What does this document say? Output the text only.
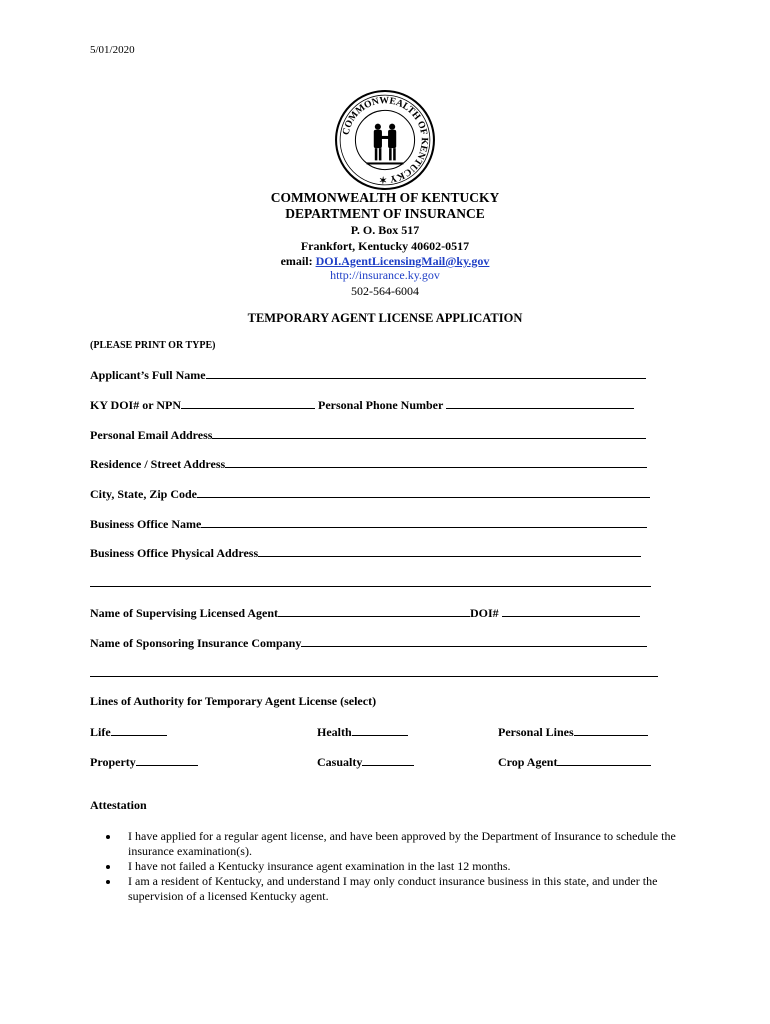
5/01/2020
COMMONWEALTH OF KENTUCKY ✶
COMMONWEALTH OF KENTUCKY
DEPARTMENT OF INSURANCE
P. O. Box 517
Frankfort, Kentucky 40602-0517
email: DOI.AgentLicensingMail@ky.gov
http://insurance.ky.gov
502-564-6004
TEMPORARY AGENT LICENSE APPLICATION
(PLEASE PRINT OR TYPE)
Applicant’s Full Name
KY DOI# or NPN	Personal Phone Number
Personal Email Address
Residence / Street Address
City, State, Zip Code
Business Office Name
Business Office Physical Address
Name of Supervising Licensed Agent	DOI#
Name of Sponsoring Insurance Company
Lines of Authority for Temporary Agent License (select)
Life	Health	Personal Lines
Property	Casualty	Crop Agent
Attestation
• I have applied for a regular agent license, and have been approved by the Department of Insurance to schedule the insurance examination(s).
• I have not failed a Kentucky insurance agent examination in the last 12 months.
• I am a resident of Kentucky, and understand I may only conduct insurance business in this state, and under the supervision of a licensed Kentucky agent.
